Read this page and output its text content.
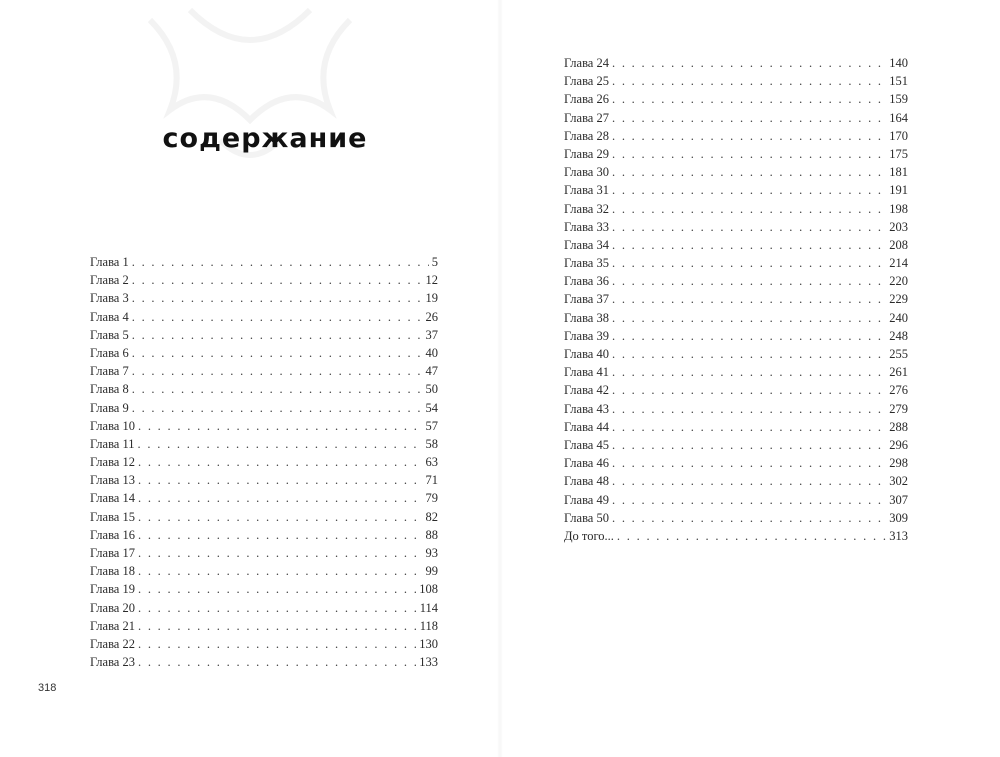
содержание
Глава 1 . . .	5
Глава 2 . . .	12
Глава 3 . . .	19
Глава 4 . . .	26
Глава 5 . . .	37
Глава 6 . . .	40
Глава 7 . . .	47
Глава 8 . . .	50
Глава 9 . . .	54
Глава 10 . . .	57
Глава 11 . . .	58
Глава 12 . . .	63
Глава 13 . . .	71
Глава 14 . . .	79
Глава 15 . . .	82
Глава 16 . . .	88
Глава 17 . . .	93
Глава 18 . . .	99
Глава 19 . . .	108
Глава 20 . . .	114
Глава 21 . . .	118
Глава 22 . . .	130
Глава 23 . . .	133
318
Глава 24 . . .	140
Глава 25 . . .	151
Глава 26 . . .	159
Глава 27 . . .	164
Глава 28 . . .	170
Глава 29 . . .	175
Глава 30 . . .	181
Глава 31 . . .	191
Глава 32 . . .	198
Глава 33 . . .	203
Глава 34 . . .	208
Глава 35 . . .	214
Глава 36 . . .	220
Глава 37 . . .	229
Глава 38 . . .	240
Глава 39 . . .	248
Глава 40 . . .	255
Глава 41 . . .	261
Глава 42 . . .	276
Глава 43 . . .	279
Глава 44 . . .	288
Глава 45 . . .	296
Глава 46 . . .	298
Глава 48 . . .	302
Глава 49 . . .	307
Глава 50 . . .	309
До того... . . .	313
